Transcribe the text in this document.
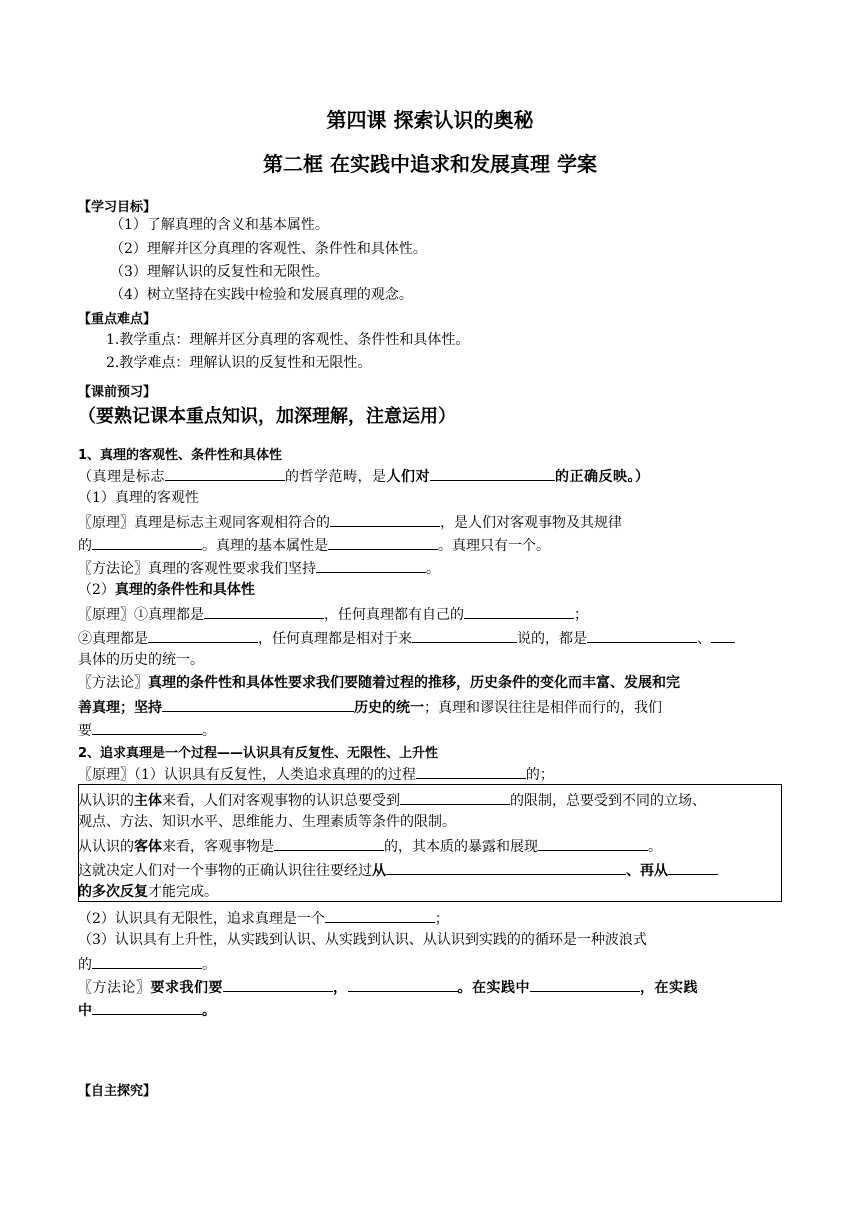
第四课 探索认识的奥秘
第二框 在实践中追求和发展真理 学案
【学习目标】
（1）了解真理的含义和基本属性。
（2）理解并区分真理的客观性、条件性和具体性。
（3）理解认识的反复性和无限性。
（4）树立坚持在实践中检验和发展真理的观念。
【重点难点】
1.教学重点：理解并区分真理的客观性、条件性和具体性。
2.教学难点：理解认识的反复性和无限性。
【课前预习】
（要熟记课本重点知识，加深理解，注意运用）
1、真理的客观性、条件性和具体性
（真理是标志	的哲学范畴，是人们对	的正确反映。）
（1）真理的客观性
〖原理〗真理是标志主观同客观相符合的	，是人们对客观事物及其规律
的	。真理的基本属性是	。真理只有一个。
〖方法论〗真理的客观性要求我们坚持	。
（2）真理的条件性和具体性
〖原理〗①真理都是	，任何真理都有自己的	；
②真理都是	，任何真理都是相对于来	说的，都是	、
具体的历史的统一。
〖方法论〗真理的条件性和具体性要求我们要随着过程的推移，历史条件的变化而丰富、发展和完
善真理；坚持	历史的统一；真理和谬误往往是相伴而行的，我们
要	。
2、追求真理是一个过程——认识具有反复性、无限性、上升性
〖原理〗（1）认识具有反复性，人类追求真理的的过程	的；
从认识的主体来看，人们对客观事物的认识总要受到	的限制，总要受到不同的立场、
观点、方法、知识水平、思维能力、生理素质等条件的限制。
从认识的客体来看，客观事物是	的，其本质的暴露和展现	。
这就决定人们对一个事物的正确认识往往要经过从	、再从
的多次反复才能完成。
（2）认识具有无限性，追求真理是一个	；
（3）认识具有上升性，从实践到认识、从实践到认识、从认识到实践的的循环是一种波浪式
的	。
〖方法论〗要求我们要	，	。在实践中	，在实践
中	。
【自主探究】
